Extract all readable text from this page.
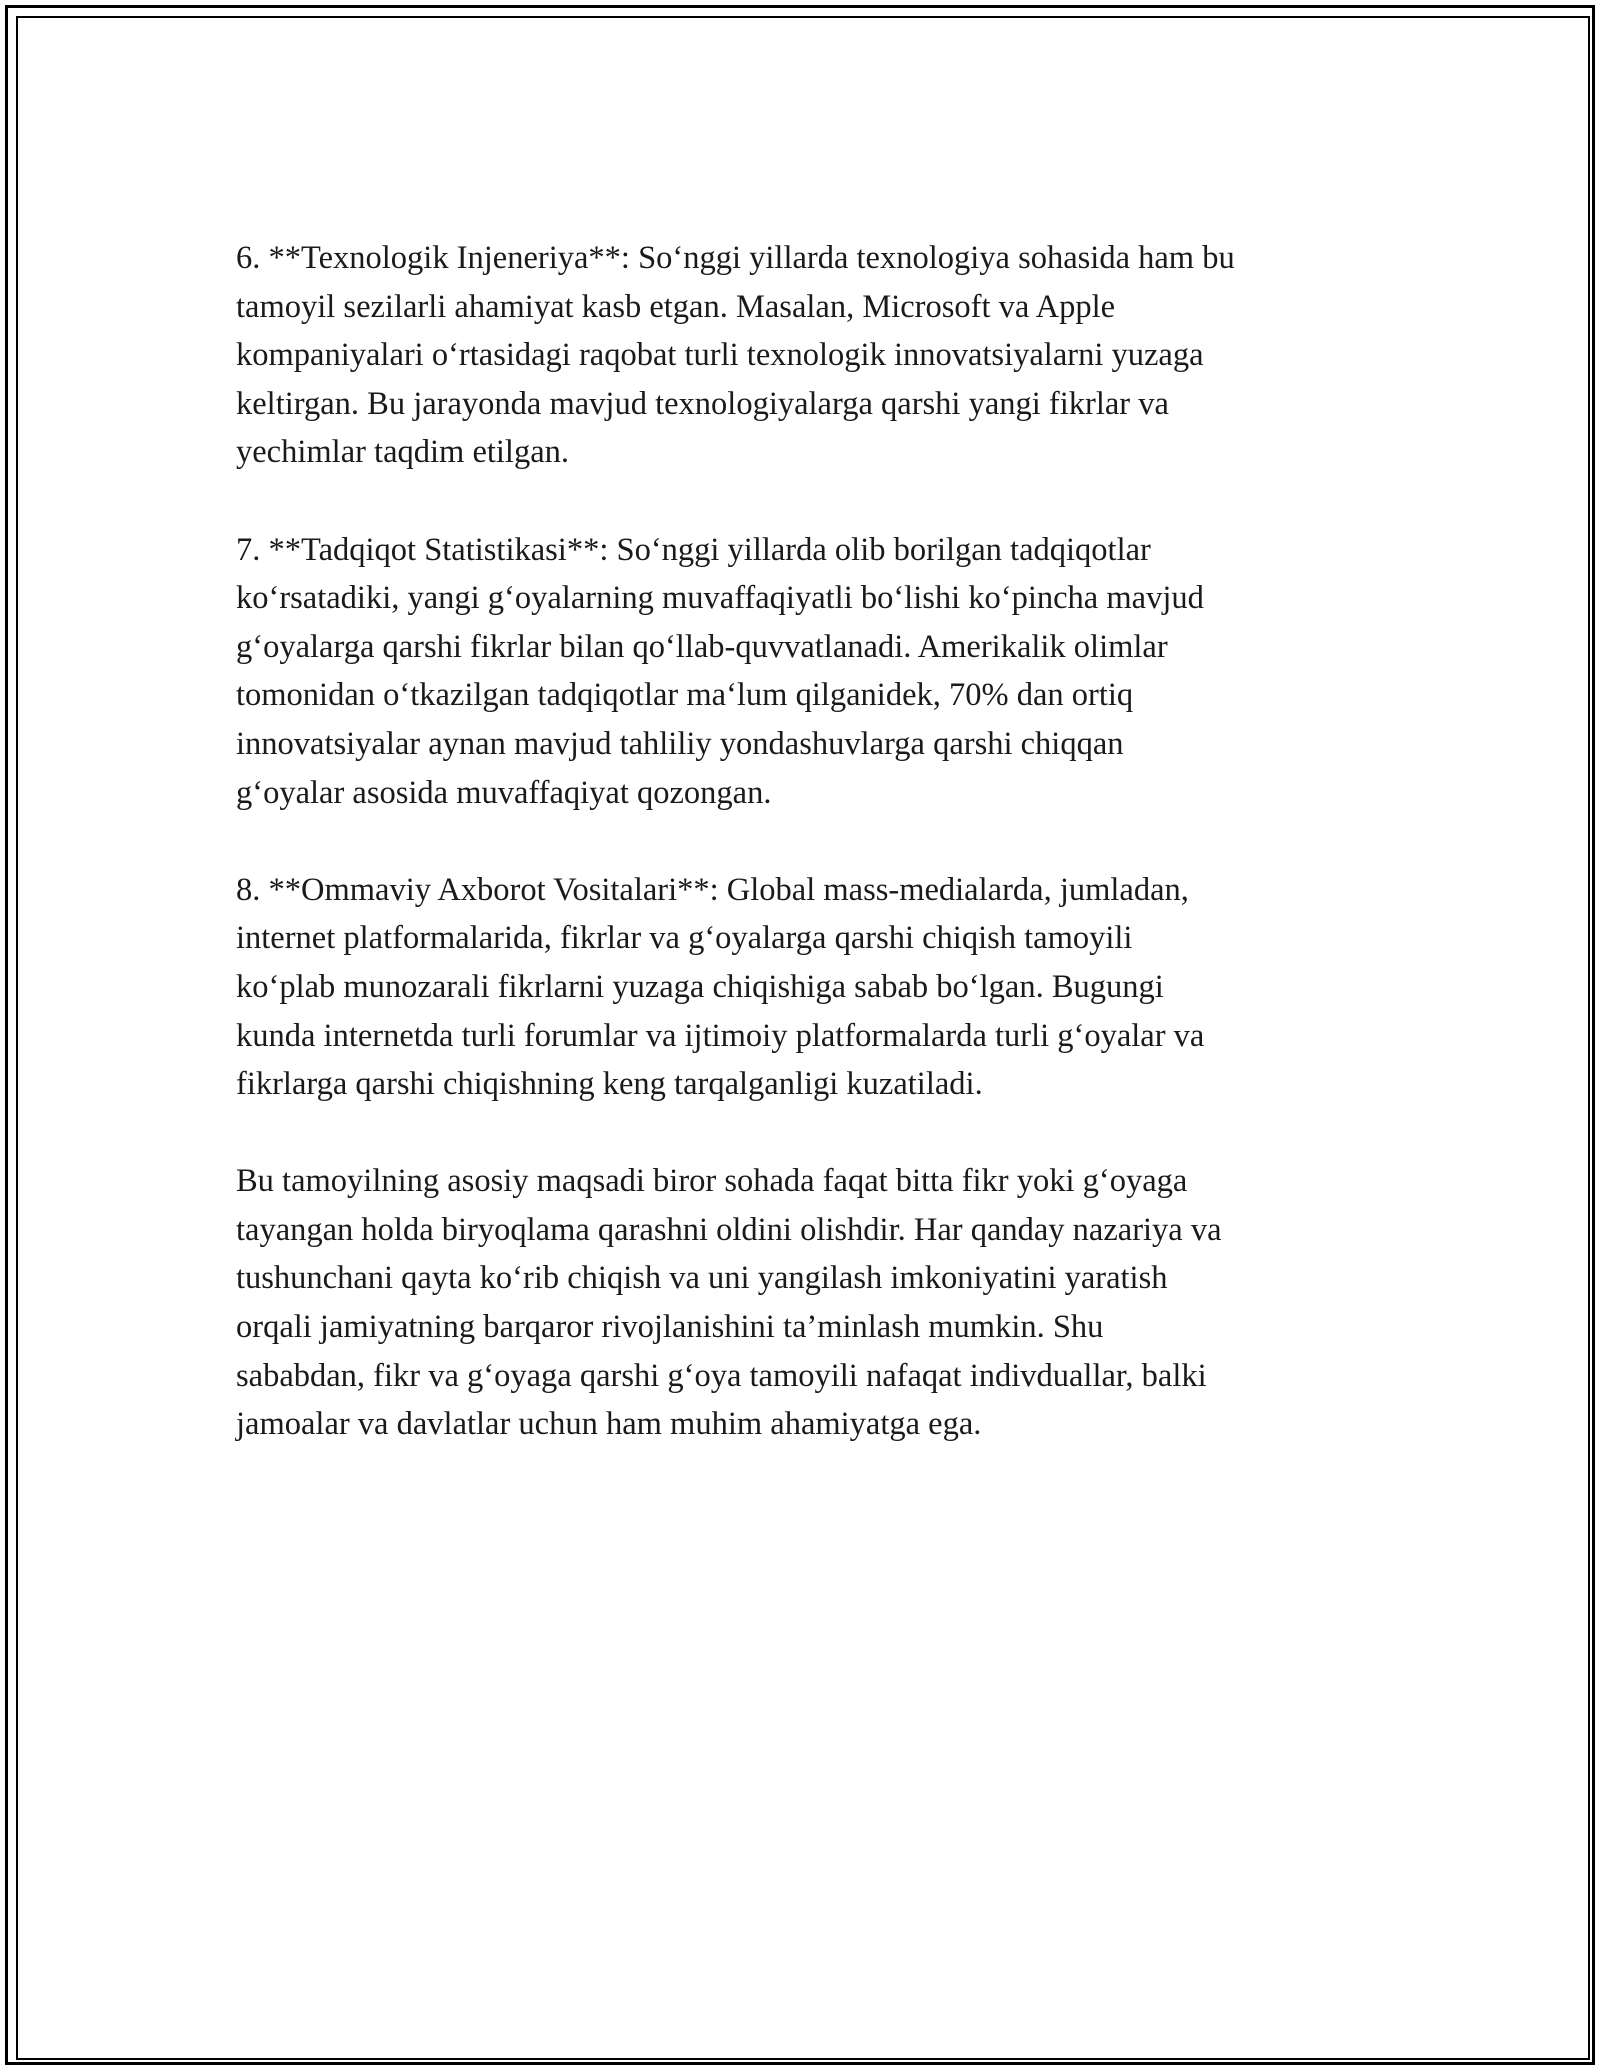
6. **Texnologik Injeneriya**: So‘nggi yillarda texnologiya sohasida ham bu
tamoyil sezilarli ahamiyat kasb etgan. Masalan, Microsoft va Apple
kompaniyalari o‘rtasidagi raqobat turli texnologik innovatsiyalarni yuzaga
keltirgan. Bu jarayonda mavjud texnologiyalarga qarshi yangi fikrlar va
yechimlar taqdim etilgan.

7. **Tadqiqot Statistikasi**: So‘nggi yillarda olib borilgan tadqiqotlar
ko‘rsatadiki, yangi g‘oyalarning muvaffaqiyatli bo‘lishi ko‘pincha mavjud
g‘oyalarga qarshi fikrlar bilan qo‘llab-quvvatlanadi. Amerikalik olimlar
tomonidan o‘tkazilgan tadqiqotlar ma‘lum qilganidek, 70% dan ortiq
innovatsiyalar aynan mavjud tahliliy yondashuvlarga qarshi chiqqan
g‘oyalar asosida muvaffaqiyat qozongan.

8. **Ommaviy Axborot Vositalari**: Global mass-medialarda, jumladan,
internet platformalarida, fikrlar va g‘oyalarga qarshi chiqish tamoyili
ko‘plab munozarali fikrlarni yuzaga chiqishiga sabab bo‘lgan. Bugungi
kunda internetda turli forumlar va ijtimoiy platformalarda turli g‘oyalar va
fikrlarga qarshi chiqishning keng tarqalganligi kuzatiladi.

Bu tamoyilning asosiy maqsadi biror sohada faqat bitta fikr yoki g‘oyaga
tayangan holda biryoqlama qarashni oldini olishdir. Har qanday nazariya va
tushunchani qayta ko‘rib chiqish va uni yangilash imkoniyatini yaratish
orqali jamiyatning barqaror rivojlanishini ta’minlash mumkin. Shu
sababdan, fikr va g‘oyaga qarshi g‘oya tamoyili nafaqat indivduallar, balki
jamoalar va davlatlar uchun ham muhim ahamiyatga ega.
